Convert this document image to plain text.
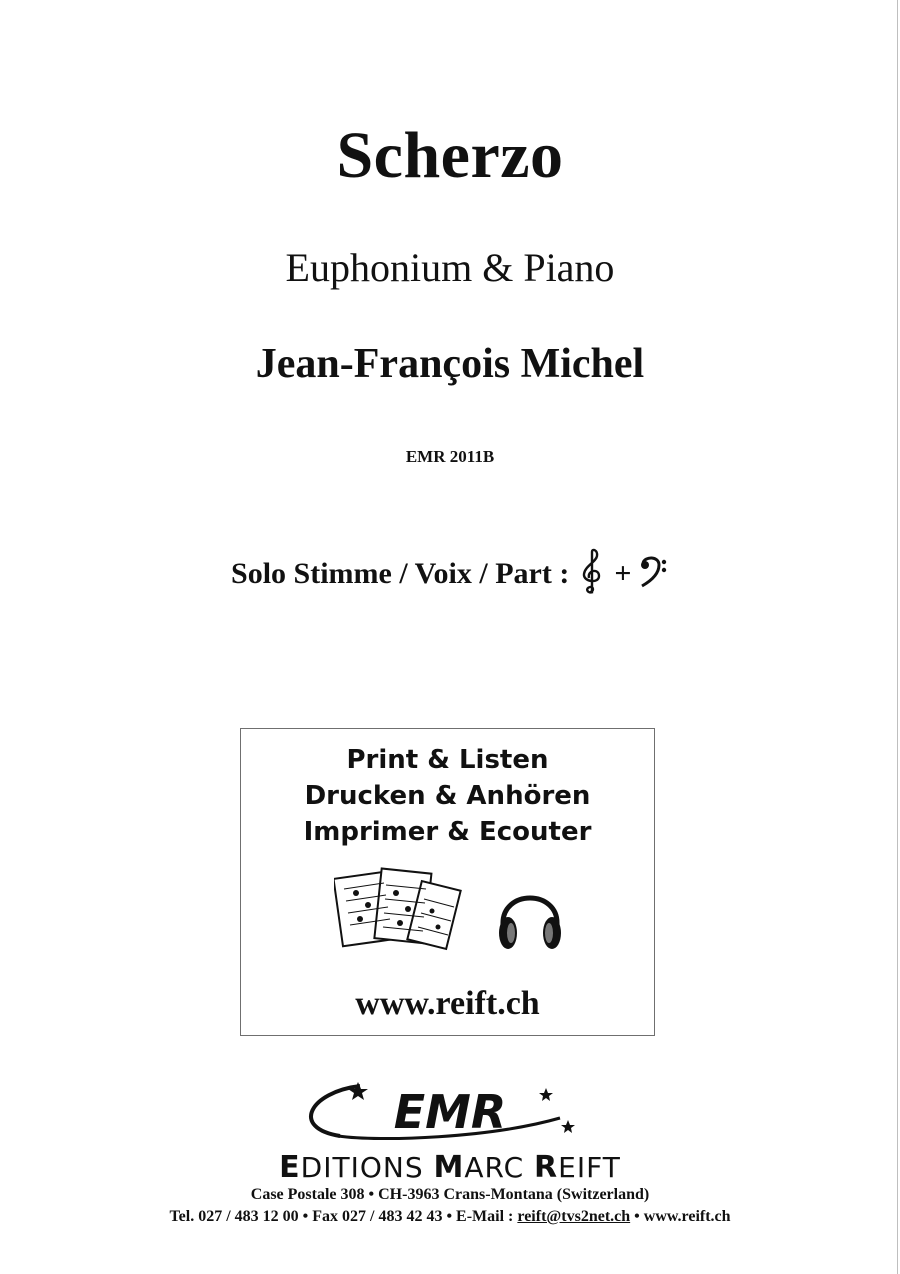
Scherzo
Euphonium & Piano
Jean-François Michel
EMR 2011B
Solo Stimme / Voix / Part : +
Print & Listen
Drucken & Anhören
Imprimer & Ecouter
www.reift.ch
EMR
EDITIONS MARC REIFT
Case Postale 308 • CH-3963 Crans-Montana (Switzerland)
Tel. 027 / 483 12 00 • Fax 027 / 483 42 43 • E-Mail : reift@tvs2net.ch • www.reift.ch
